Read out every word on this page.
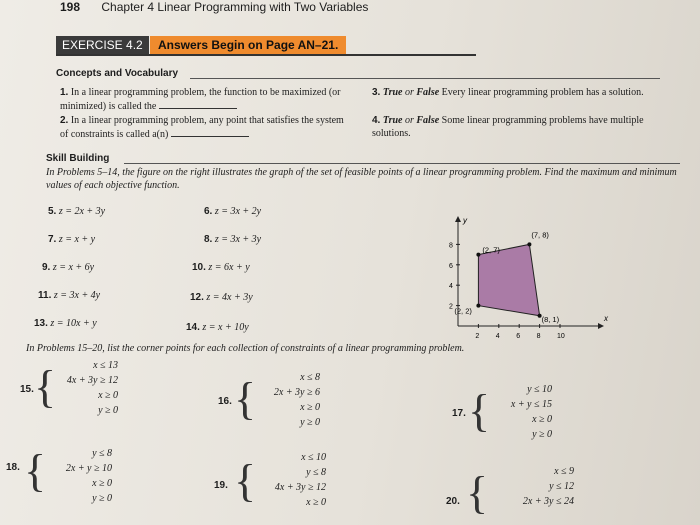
198 Chapter 4 Linear Programming with Two Variables
EXERCISE 4.2	Answers Begin on Page AN–21.
Concepts and Vocabulary
1. In a linear programming problem, the function to be maximized (or minimized) is called the
2. In a linear programming problem, any point that satisfies the system of constraints is called a(n)
3. True or False Every linear programming problem has a solution.
4. True or False Some linear programming problems have multiple solutions.
Skill Building
In Problems 5–14, the figure on the right illustrates the graph of the set of feasible points of a linear programming problem. Find the maximum and minimum values of each objective function.
5. z = 2x + 3y	6. z = 3x + 2y
7. z = x + y	8. z = 3x + 3y
9. z = x + 6y	10. z = 6x + y
11. z = 3x + 4y	12. z = 4x + 3y
13. z = 10x + y	14. z = x + 10y
x
y
2 4 6 8 10
2
4
6
8	(2, 7)
(7, 8)
(8, 1)
(2, 2)
In Problems 15–20, list the corner points for each collection of constraints of a linear programming problem.
15. {	x ≤ 13
4x + 3y ≥ 12
x ≥ 0
y ≥ 0
16. {	x ≤ 8
2x + 3y ≥ 6
x ≥ 0
y ≥ 0
17. {	y ≤ 10
x + y ≤ 15
x ≥ 0
y ≥ 0
18. {	y ≤ 8
2x + y ≥ 10
x ≥ 0
y ≥ 0
19. {	x ≤ 10
y ≤ 8
4x + 3y ≥ 12
x ≥ 0	20. {	x ≤ 9
y ≤ 12
2x + 3y ≤ 24
